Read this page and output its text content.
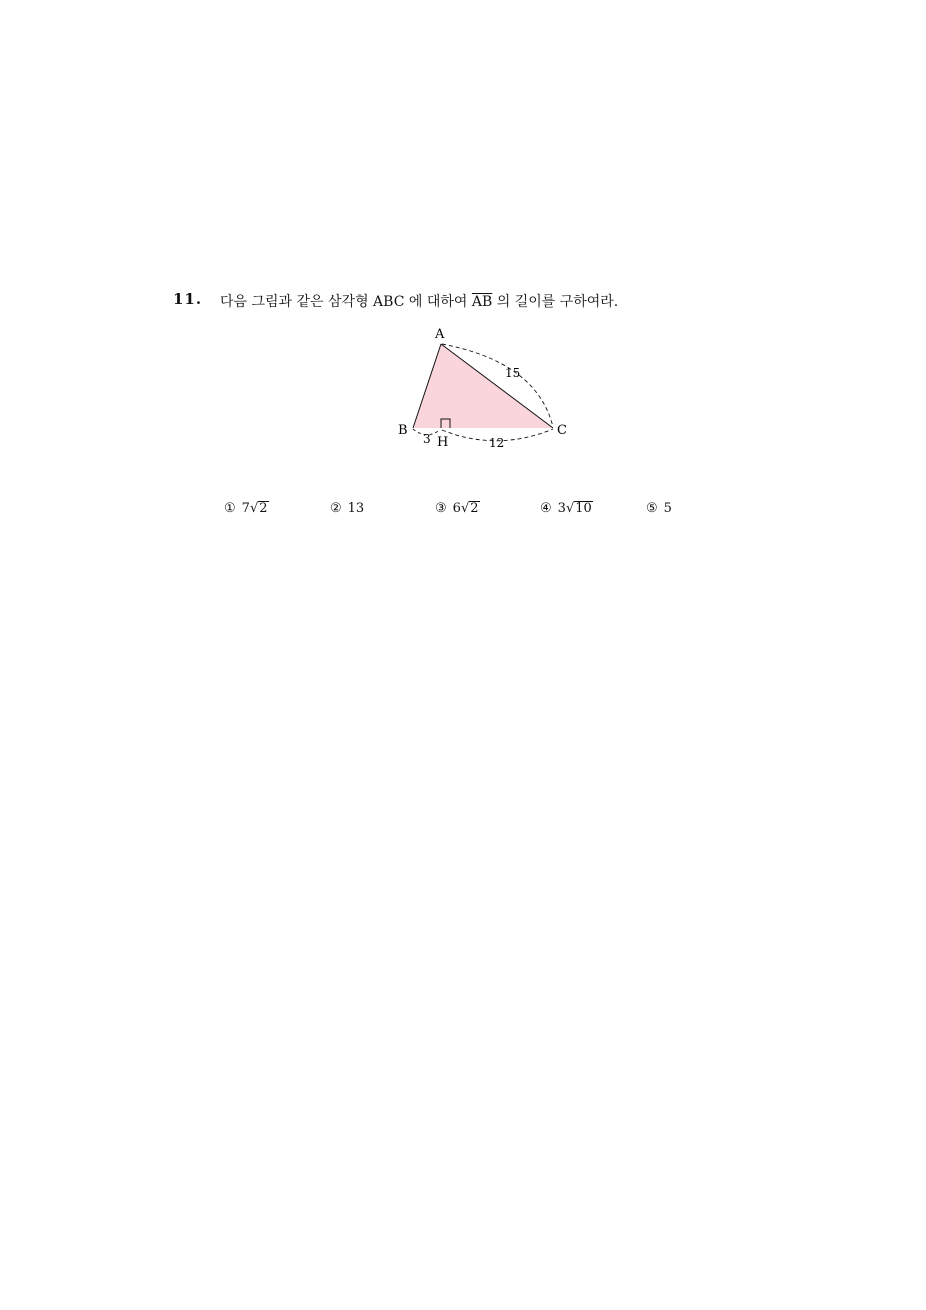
11. 다음 그림과 같은 삼각형 ABC 에 대하여 $\overline{AB}$ 의 길이를 구하여라.
A
B	C
H
15
3	12
① 7√2	② 13	③ 6√2	④ 3√10	⑤ 5
